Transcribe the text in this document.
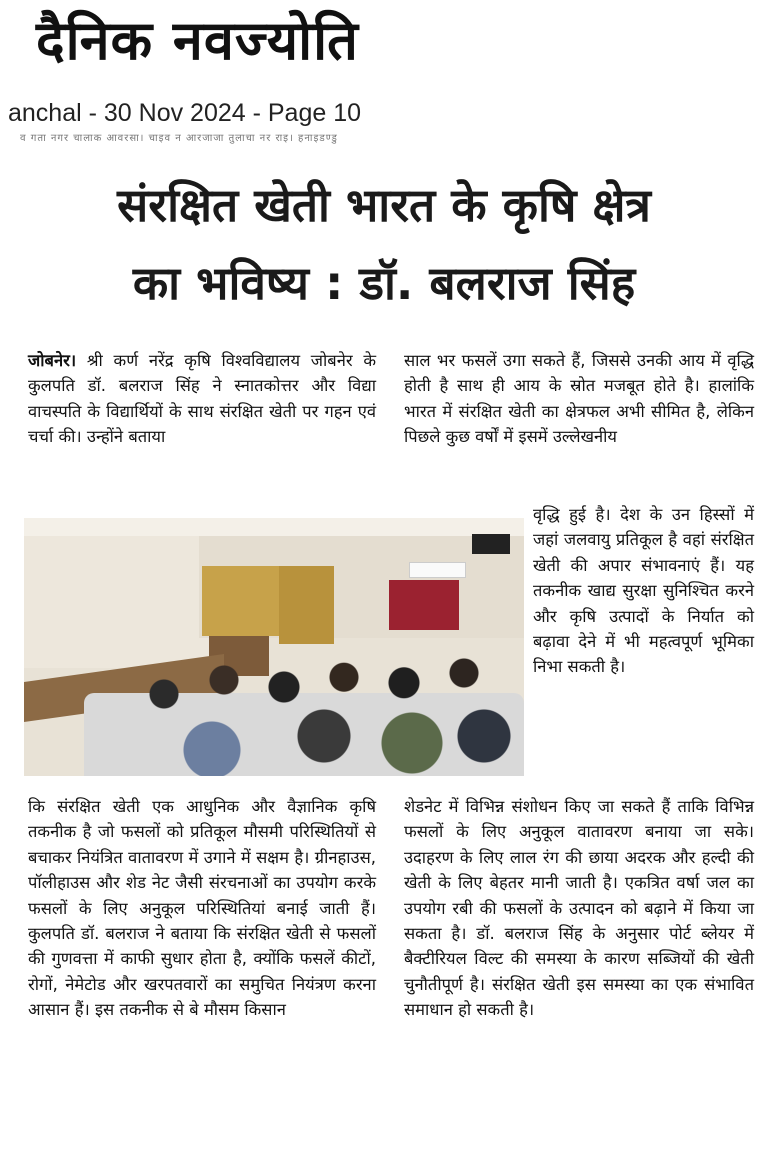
दैनिक नवज्योति
anchal - 30 Nov 2024 - Page 10
व गता नगर चालाक आवरसा। चाइव न आरजाजा तुलाचा नर राइ। हनाइडण्डु
संरक्षित खेती भारत के कृषि क्षेत्र
का भविष्य : डॉ. बलराज सिंह

जोबनेर। श्री कर्ण नरेंद्र कृषि विश्वविद्यालय जोबनेर के कुलपति डॉ. बलराज सिंह ने स्नातकोत्तर और विद्या वाचस्पति के विद्यार्थियों के साथ संरक्षित खेती पर गहन एवं चर्चा की। उन्होंने बताया

साल भर फसलें उगा सकते हैं, जिससे उनकी आय में वृद्धि होती है साथ ही आय के स्रोत मजबूत होते है। हालांकि भारत में संरक्षित खेती का क्षेत्रफल अभी सीमित है, लेकिन पिछले कुछ वर्षों में इसमें उल्लेखनीय

वृद्धि हुई है। देश के उन हिस्सों में जहां जलवायु प्रतिकूल है वहां संरक्षित खेती की अपार संभावनाएं हैं। यह तकनीक खाद्य सुरक्षा सुनिश्चित करने और कृषि उत्पादों के निर्यात को बढ़ावा देने में भी महत्वपूर्ण भूमिका निभा सकती है।

कि संरक्षित खेती एक आधुनिक और वैज्ञानिक कृषि तकनीक है जो फसलों को प्रतिकूल मौसमी परिस्थितियों से बचाकर नियंत्रित वातावरण में उगाने में सक्षम है। ग्रीनहाउस, पॉलीहाउस और शेड नेट जैसी संरचनाओं का उपयोग करके फसलों के लिए अनुकूल परिस्थितियां बनाई जाती हैं। कुलपति डॉ. बलराज ने बताया कि संरक्षित खेती से फसलों की गुणवत्ता में काफी सुधार होता है, क्योंकि फसलें कीटों, रोगों, नेमेटोड और खरपतवारों का समुचित नियंत्रण करना आसान हैं। इस तकनीक से बे मौसम किसान

शेडनेट में विभिन्न संशोधन किए जा सकते हैं ताकि विभिन्न फसलों के लिए अनुकूल वातावरण बनाया जा सके। उदाहरण के लिए लाल रंग की छाया अदरक और हल्दी की खेती के लिए बेहतर मानी जाती है। एकत्रित वर्षा जल का उपयोग रबी की फसलों के उत्पादन को बढ़ाने में किया जा सकता है। डॉ. बलराज सिंह के अनुसार पोर्ट ब्लेयर में बैक्टीरियल विल्ट की समस्या के कारण सब्जियों की खेती चुनौतीपूर्ण है। संरक्षित खेती इस समस्या का एक संभावित समाधान हो सकती है।
